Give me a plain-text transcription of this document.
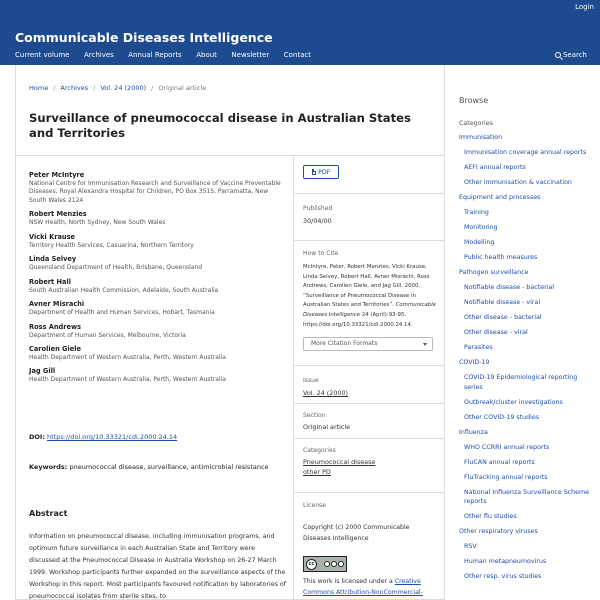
Login
Communicable Diseases Intelligence
Current volume Archives Annual Reports About Newsletter Contact	Search
Home / Archives / Vol. 24 (2000) / Original article
Surveillance of pneumococcal disease in Australian States and Territories
Peter McIntyre
National Centre for Immunisation Research and Surveillance of Vaccine Preventable Diseases, Royal Alexandra Hospital for Children, PO Box 3515, Parramatta, New South Wales 2124
Robert Menzies
NSW Health, North Sydney, New South Wales
Vicki Krause
Territory Health Services, Casuarina, Northern Territory
Linda Selvey
Queensland Department of Health, Brisbane, Queensland
Robert Hall
South Australian Health Commission, Adelaide, South Australia
Avner Misrachi
Department of Health and Human Services, Hobart, Tasmania
Ross Andrews
Department of Human Services, Melbourne, Victoria
Carolien Giele
Health Department of Western Australia, Perth, Western Australia
Jag Gill
Health Department of Western Australia, Perth, Western Australia
DOI: https://doi.org/10.33321/cdi.2000.24.14
Keywords: pneumococcal disease, surveillance, antimicrobial resistance
Abstract

Information on pneumococcal disease, including immunisation programs, and optimum future surveillance in each Australian State and Territory were discussed at the Pneumococcal Disease in Australia Workshop on 26-27 March 1999. Workshop participants further expanded on the surveillance aspects of the Workshop in this report. Most participants favoured notification by laboratories of pneumococcal isolates from sterile sites, to

PDF
Published
30/04/00
How to Cite
McIntyre, Peter, Robert Menzies, Vicki Krause, Linda Selvey, Robert Hall, Avner Misrachi, Ross Andrews, Carolien Giele, and Jag Gill. 2000. “Surveillance of Pneumococcal Disease in Australian States and Territories”. Communicable Diseases Intelligence 24 (April):93-95. https://doi.org/10.33321/cdi.2000.24.14.
More Citation Formats
Issue
Vol. 24 (2000)
Section
Original article
Categories
Pneumococcal disease
other PD
License
Copyright (c) 2000 Communicable Diseases Intelligence
cc
This work is licensed under a Creative Commons Attribution-NonCommercial-
Browse
Categories
Immunisation
Immunisation coverage annual reports
AEFI annual reports
Other immunisation & vaccination
Equipment and processes
Training
Monitoring
Modelling
Public health measures
Pathogen surveillance
Notifiable disease - bacterial
Notifiable disease - viral
Other disease - bacterial
Other disease - viral
Parasites
COVID-19
COVID-19 Epidemiological reporting series
Outbreak/cluster investigations
Other COVID-19 studies
Influenza
WHO CCRRI annual reports
FluCAN annual reports
FluTracking annual reports
National Influenza Surveillance Scheme reports
Other flu studies
Other respiratory viruses
RSV
Human metapneumovirus
Other resp. virus studies
